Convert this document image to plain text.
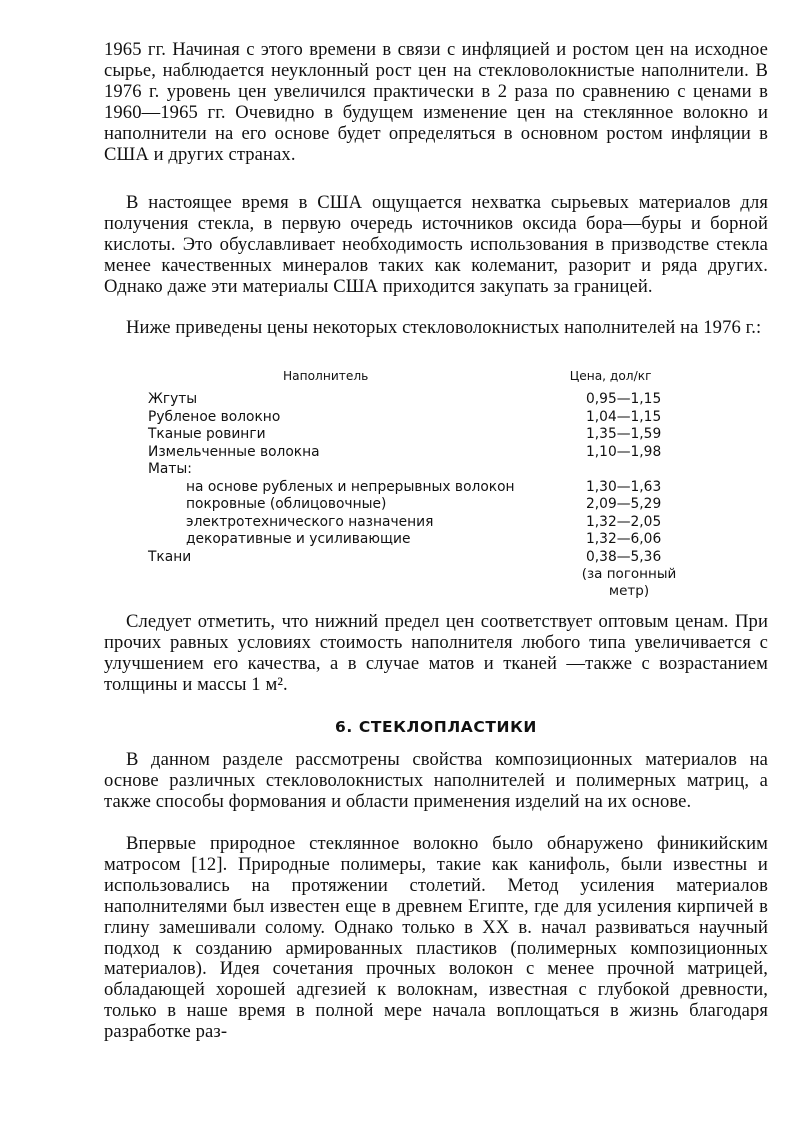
1965 гг. Начиная с этого времени в связи с инфляцией и ростом цен на исходное сырье, наблюдается неуклонный рост цен на стекловолокнистые наполнители. В 1976 г. уровень цен увеличился практически в 2 раза по сравнению с ценами в 1960—1965 гг. Очевидно в будущем изменение цен на стеклянное волокно и наполнители на его основе будет определяться в основном ростом инфляции в США и других странах.

В настоящее время в США ощущается нехватка сырьевых материалов для получения стекла, в первую очередь источников оксида бора—буры и борной кислоты. Это обуславливает необходимость использования в призводстве стекла менее качественных минералов таких как колеманит, разорит и ряда других. Однако даже эти материалы США приходится закупать за границей.

Ниже приведены цены некоторых стекловолокнистых наполнителей на 1976 г.:

Наполнитель	Цена, дол/кг
Жгуты	0,95—1,15
Рубленое волокно	1,04—1,15
Тканые ровинги	1,35—1,59
Измельченные волокна	1,10—1,98
Маты:
на основе рубленых и непрерывных волокон	1,30—1,63
покровные (облицовочные)	2,09—5,29
электротехнического назначения	1,32—2,05
декоративные и усиливающие	1,32—6,06
Ткани	0,38—5,36
(за погонный метр)

Следует отметить, что нижний предел цен соответствует оптовым ценам. При прочих равных условиях стоимость наполнителя любого типа увеличивается с улучшением его качества, а в случае матов и тканей —также с возрастанием толщины и массы 1 м².

6. СТЕКЛОПЛАСТИКИ

В данном разделе рассмотрены свойства композиционных материалов на основе различных стекловолокнистых наполнителей и полимерных матриц, а также способы формования и области применения изделий на их основе.

Впервые природное стеклянное волокно было обнаружено финикийским матросом [12]. Природные полимеры, такие как канифоль, были известны и использовались на протяжении столетий. Метод усиления материалов наполнителями был известен еще в древнем Египте, где для усиления кирпичей в глину замешивали солому. Однако только в XX в. начал развиваться научный подход к созданию армированных пластиков (полимерных композиционных материалов). Идея сочетания прочных волокон с менее прочной матрицей, обладающей хорошей адгезией к волокнам, известная с глубокой древности, только в наше время в полной мере начала воплощаться в жизнь благодаря разработке раз-
